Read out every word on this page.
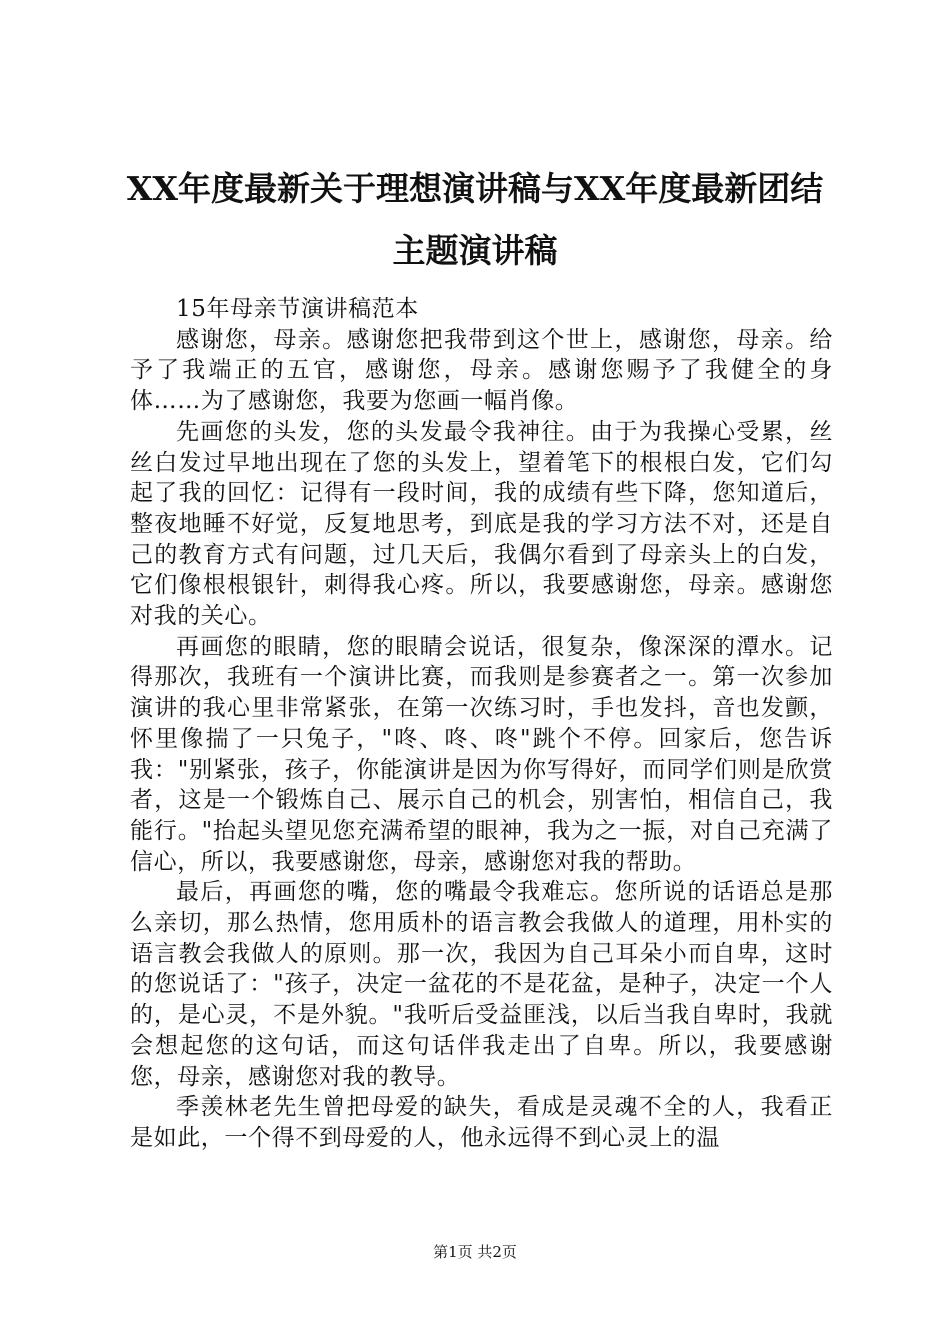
XX年度最新关于理想演讲稿与XX年度最新团结主题演讲稿

15年母亲节演讲稿范本

感谢您，母亲。感谢您把我带到这个世上，感谢您，母亲。给予了我端正的五官，感谢您，母亲。感谢您赐予了我健全的身体……为了感谢您，我要为您画一幅肖像。

先画您的头发，您的头发最令我神往。由于为我操心受累，丝丝白发过早地出现在了您的头发上，望着笔下的根根白发，它们勾起了我的回忆：记得有一段时间，我的成绩有些下降，您知道后，整夜地睡不好觉，反复地思考，到底是我的学习方法不对，还是自己的教育方式有问题，过几天后，我偶尔看到了母亲头上的白发，它们像根根银针，刺得我心疼。所以，我要感谢您，母亲。感谢您对我的关心。

再画您的眼睛，您的眼睛会说话，很复杂，像深深的潭水。记得那次，我班有一个演讲比赛，而我则是参赛者之一。第一次参加演讲的我心里非常紧张，在第一次练习时，手也发抖，音也发颤，怀里像揣了一只兔子，"咚、咚、咚"跳个不停。回家后，您告诉我："别紧张，孩子，你能演讲是因为你写得好，而同学们则是欣赏者，这是一个锻炼自己、展示自己的机会，别害怕，相信自己，我能行。"抬起头望见您充满希望的眼神，我为之一振，对自己充满了信心，所以，我要感谢您，母亲，感谢您对我的帮助。

最后，再画您的嘴，您的嘴最令我难忘。您所说的话语总是那么亲切，那么热情，您用质朴的语言教会我做人的道理，用朴实的语言教会我做人的原则。那一次，我因为自己耳朵小而自卑，这时的您说话了："孩子，决定一盆花的不是花盆，是种子，决定一个人的，是心灵，不是外貌。"我听后受益匪浅，以后当我自卑时，我就会想起您的这句话，而这句话伴我走出了自卑。所以，我要感谢您，母亲，感谢您对我的教导。

季羡林老先生曾把母爱的缺失，看成是灵魂不全的人，我看正是如此，一个得不到母爱的人，他永远得不到心灵上的温

第1页 共2页
